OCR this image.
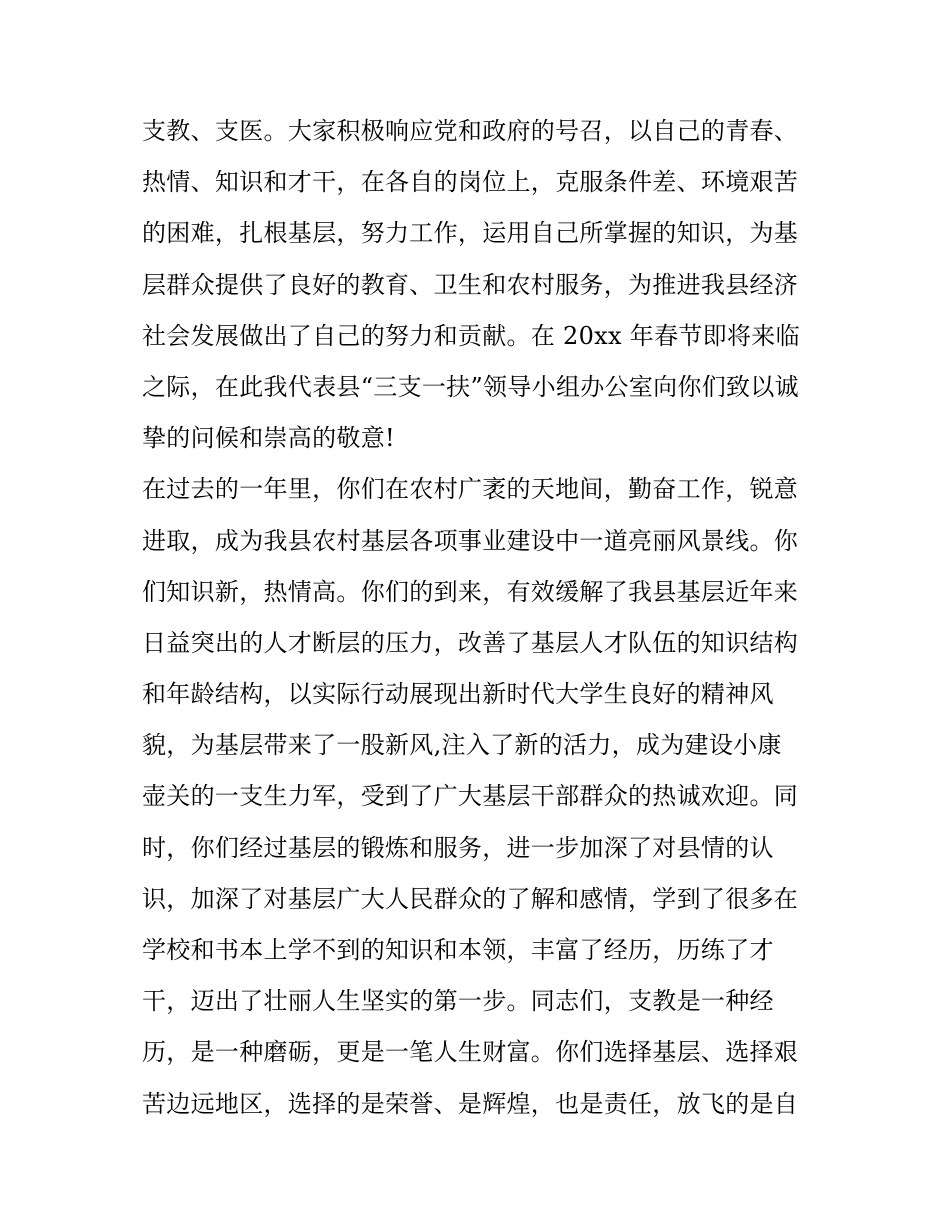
支教、支医。大家积极响应党和政府的号召，以自己的青春、
热情、知识和才干，在各自的岗位上，克服条件差、环境艰苦
的困难，扎根基层，努力工作，运用自己所掌握的知识，为基
层群众提供了良好的教育、卫生和农村服务，为推进我县经济
社会发展做出了自己的努力和贡献。在 20xx 年春节即将来临
之际，在此我代表县“三支一扶”领导小组办公室向你们致以诚
挚的问候和崇高的敬意!
在过去的一年里，你们在农村广袤的天地间，勤奋工作，锐意
进取，成为我县农村基层各项事业建设中一道亮丽风景线。你
们知识新，热情高。你们的到来，有效缓解了我县基层近年来
日益突出的人才断层的压力，改善了基层人才队伍的知识结构
和年龄结构，以实际行动展现出新时代大学生良好的精神风
貌，为基层带来了一股新风,注入了新的活力，成为建设小康
壶关的一支生力军，受到了广大基层干部群众的热诚欢迎。同
时，你们经过基层的锻炼和服务，进一步加深了对县情的认
识，加深了对基层广大人民群众的了解和感情，学到了很多在
学校和书本上学不到的知识和本领，丰富了经历，历练了才
干，迈出了壮丽人生坚实的第一步。同志们，支教是一种经
历，是一种磨砺，更是一笔人生财富。你们选择基层、选择艰
苦边远地区，选择的是荣誉、是辉煌，也是责任，放飞的是自
